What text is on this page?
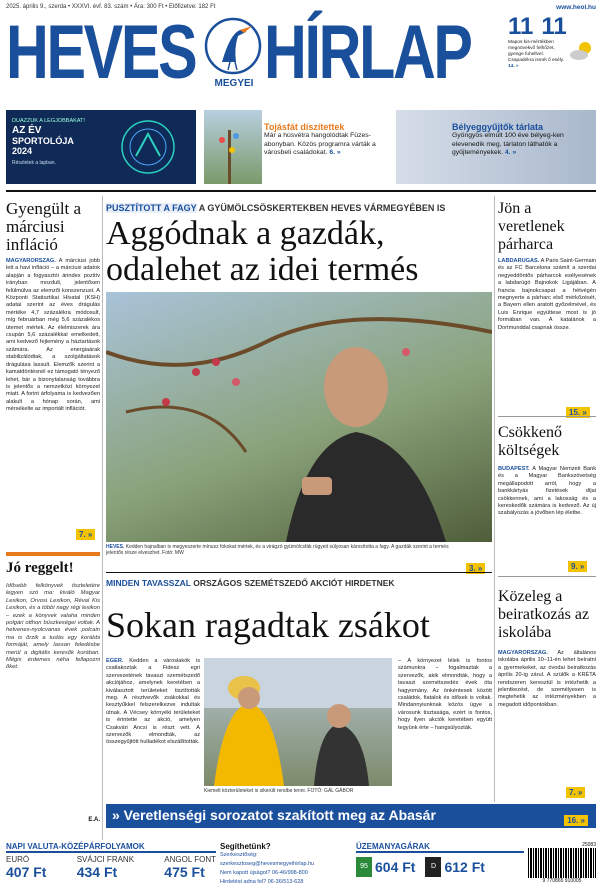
2025. április 9., szerda • XXXVI. évf. 83. szám • Ára: 300 Ft • Előfizetve: 182 Ft	www.heol.hu
HEVES	MEGYEI HÍRLAP 11 11
Mapos kis-mértékben megnövekvő felhőzet, gyenge fuhellvel. Csapadékra ismét ő esély. 14. »
DUAZZUK A LEGJOBBAKAT!
AZ ÉV
SPORTOLÓJA
2024
Részletek a lapban.
Tojásfát díszítettek
Már a húsvétra hangolódtak Füzes-abonyban. Közös programra várták a városbeli családokat. 6. »
Bélyeggyűjtők tárlata
Gyöngyös elmúlt 100 éve bélyeg-ken elevenedik meg, tárlaton láthatók a gyűjteményekek. 4. »
Gyengült a márciusi infláció
MAGYARORSZÁG. A márciusi jobb lett a havi infláció – a márciusi adatok alapján a fogyasztói árindex pozitív irányban mozdult, jelentősen felülmúlva az elemzői konszenzust. A Központi Statisztikai Hivatal (KSH) adatai szerint az éves drágulás mértéke 4,7 százalékra módosult, míg februárban még 5,6 százalékos ütemet mértek. Az élelmiszerek ára csupán 5,6 százalékkal emelkedett, ami kedvező fejlemény a háztartások számára. Az energiaárak stabilizálódtak, a szolgáltatások drágulása lassult. Elemzők szerint a kamatdöntésnél ez támogató tényező lehet, bár a bizonytalanság továbbra is jelentős a nemzetközi környezet miatt. A forint árfolyama is kedvezően alakult a hónap során, ami mérsékelte az importált inflációt.
7. »
Jó reggelt!
Idősebb felkönyvek tiszteletére legyen szó ma: kiváló Magyar Lexikon, Orvosi Lexikon, Révai Kis Lexikon, és a többi nagy régi lexikon – ezek a könyvek valaha minden polgári otthon büszkeségei voltak. A hetvenes-nyolcvanas évek polcain ma is őrzik a tudás egy korábbi formáját, amely lassan feledésbe merül a digitális keresők korában. Mégis érdemes néha fellapozni őket.
E.A.
PUSZTÍTOTT A FAGY A GYÜMÖLCSÖSKERTEKBEN HEVES VÁRMEGYÉBEN IS
Aggódnak a gazdák, odalehet az idei termés
HEVES. Kedden hajnalban is megyeszerte mínusz fokokat mértek, és a virágzó gyümölcsfák rügyeit súlyosan károsította a fagy. A gazdák szerint a termés jelentős része elveszhet. Fotó: MW
3. »
MINDEN TAVASSZAL ORSZÁGOS SZEMÉTSZEDŐ AKCIÓT HIRDETNEK
Sokan ragadtak zsákot
EGER. Kedden a városlakók is csatlakoztak a Fidesz egri szervezetének tavaszi szemétszedő akciójához, amelynek keretében a kiválasztott területeket tisztították meg. A résztvevők zsákokkal és kesztyűkkel felszerelkezve indultak útnak. A Vécsey környéki területeket is érintette az akció, amelyen Csakvári Ancsi is részt vett. A szervezők elmondták, az összegyűjtött hulladékot elszállították.
Kiemelt közterületeket is sikerült rendbe tenni. FOTÓ: GÁL GÁBOR
– A környezet lélek is fontos számunkra – fogalmaztak a szervezők, akik elmondták, hogy a tavaszi szemétszedés évek óta hagyomány. Az önkéntesek között családok, fiatalok és idősek is voltak. Mindannyiunknak közös ügye a városunk tisztasága, ezért is fontos, hogy ilyen akciók keretében együtt tegyünk érte – hangsúlyozták.
Jön a veretlenek párharca
LABDARÚGÁS. A Paris Saint-Germain és az FC Barcelona számít a szerdai negyeddöntős párharcok esélyesének a labdarúgó Bajnokok Ligájában. A francia bajnokcsapat a hétvégén megnyerte a párharc első mérkőzését, a Bayern ellen aratott győzelmével, és Luis Enrique együttese most is jó formában van. A katalánok a Dortmunddal csapnak össze.
15. »
Csökkenő költségek
BUDAPEST. A Magyar Nemzeti Bank és a Magyar Bankszövetség megállapodott arról, hogy a bankkártyás fizetések díjai csökkennek, ami a lakosság és a kereskedők számára is kedvező. Az új szabályozás a jövőben lép életbe.
9. »
Közeleg a beiratkozás az iskolába
MAGYARORSZÁG. Az általános iskolába április 10–11-én lehet beíratni a gyermekeket, az óvodai beiratkozás április 20-ig zárul. A szülők a KRÉTA rendszeren keresztül is intézhetik a jelentkezést, de személyesen is megtehetik az intézményekben a megadott időpontokban.
7. »
» Veretlenségi sorozatot szakított meg az Abasár	16. »
NAPI VALUTA-KÖZÉPÁRFOLYAMOK
EURÓ
407 Ft
SVÁJCI FRANK
434 Ft
ANGOL FONT
475 Ft
Segíthetünk?
Szerkesztőség: szerkesztoseg@hevesmegyeihirlap.hu
Nem kapott újságot? 06-46/998-800
Hirdetést adna fel? 06-36/513-628
ÜZEMANYAGÁRAK
95 604 Ft	D 612 Ft
25083
9 770865 910005
